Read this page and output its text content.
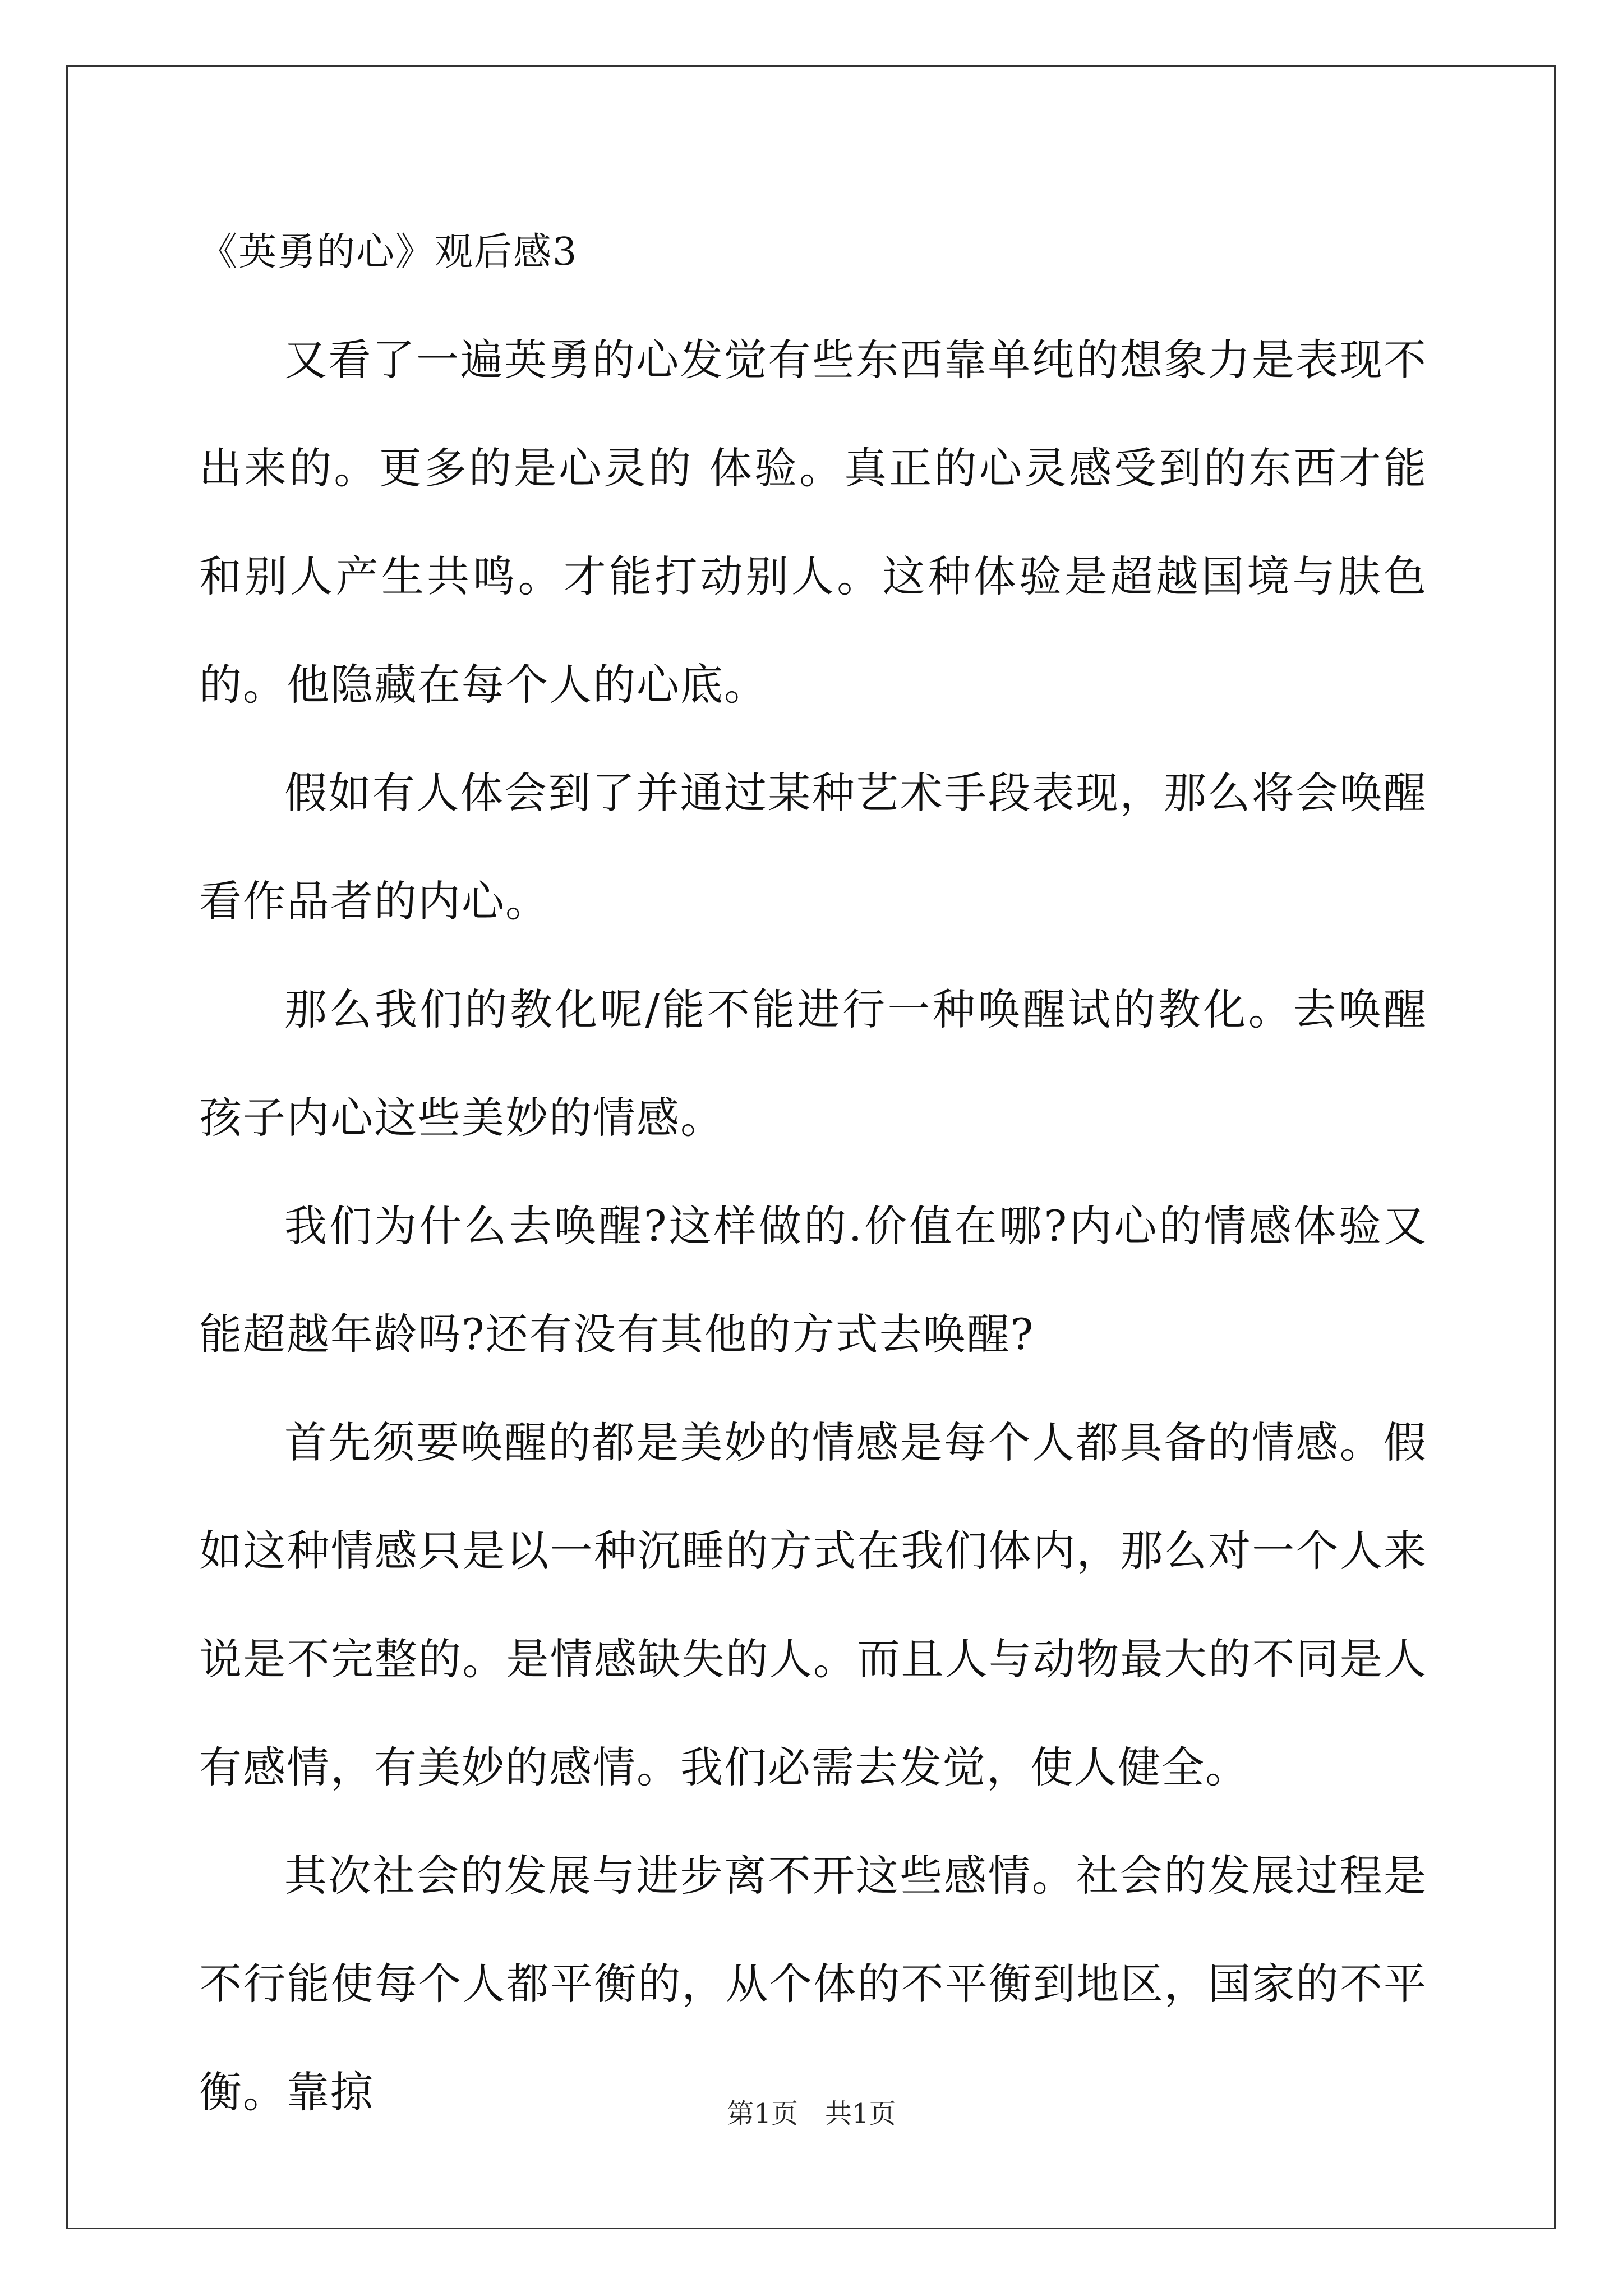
《英勇的心》观后感3

又看了一遍英勇的心发觉有些东西靠单纯的想象力是表现不出来的。更多的是心灵的 体验。真正的心灵感受到的东西才能和别人产生共鸣。才能打动别人。这种体验是超越国境与肤色的。他隐藏在每个人的心底。

假如有人体会到了并通过某种艺术手段表现，那么将会唤醒看作品者的内心。

那么我们的教化呢/能不能进行一种唤醒试的教化。去唤醒孩子内心这些美妙的情感。

我们为什么去唤醒?这样做的.价值在哪?内心的情感体验又能超越年龄吗?还有没有其他的方式去唤醒?

首先须要唤醒的都是美妙的情感是每个人都具备的情感。假如这种情感只是以一种沉睡的方式在我们体内，那么对一个人来说是不完整的。是情感缺失的人。而且人与动物最大的不同是人有感情，有美妙的感情。我们必需去发觉，使人健全。

其次社会的发展与进步离不开这些感情。社会的发展过程是不行能使每个人都平衡的，从个体的不平衡到地区，国家的不平衡。靠掠	第1页　共1页
